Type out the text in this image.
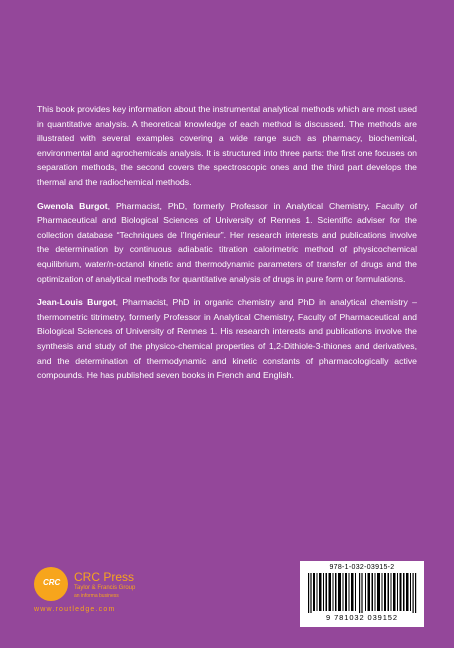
This book provides key information about the instrumental analytical methods which are most used in quantitative analysis. A theoretical knowledge of each method is discussed. The methods are illustrated with several examples covering a wide range such as pharmacy, biochemical, environmental and agrochemicals analysis. It is structured into three parts: the first one focuses on separation methods, the second covers the spectroscopic ones and the third part develops the thermal and the radiochemical methods.

Gwenola Burgot, Pharmacist, PhD, formerly Professor in Analytical Chemistry, Faculty of Pharmaceutical and Biological Sciences of University of Rennes 1. Scientific adviser for the collection database “Techniques de l’Ingénieur”. Her research interests and publications involve the determination by continuous adiabatic titration calorimetric method of physicochemical equilibrium, water/n-octanol kinetic and thermodynamic parameters of transfer of drugs and the optimization of analytical methods for quantitative analysis of drugs in pure form or formulations.

Jean-Louis Burgot, Pharmacist, PhD in organic chemistry and PhD in analytical chemistry – thermometric titrimetry, formerly Professor in Analytical Chemistry, Faculty of Pharmaceutical and Biological Sciences of University of Rennes 1. His research interests and publications involve the synthesis and study of the physico-chemical properties of 1,2-Dithiole-3-thiones and derivatives, and the determination of thermodynamic and kinetic constants of pharmacologically active compounds. He has published seven books in French and English.

CRC CRC Press
Taylor & Francis Group
an informa business
www.routledge.com
978-1-032-03915-2
9 781032 039152
